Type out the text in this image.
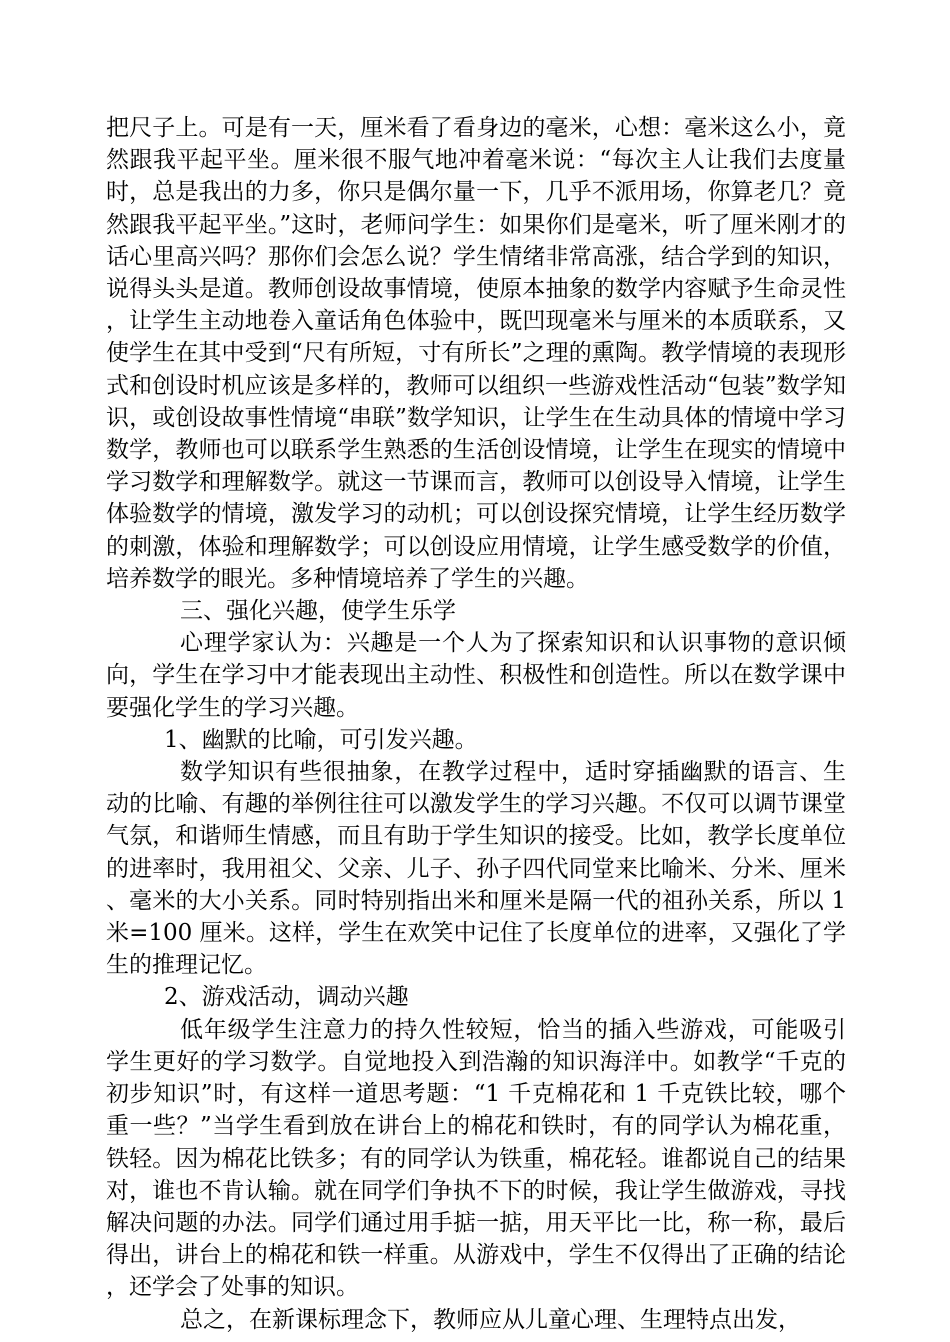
把尺子上。可是有一天，厘米看了看身边的毫米，心想：毫米这么小，竟然跟我平起平坐。厘米很不服气地冲着毫米说：“每次主人让我们去度量时，总是我出的力多，你只是偶尔量一下，几乎不派用场，你算老几？竟然跟我平起平坐。”这时，老师问学生：如果你们是毫米，听了厘米刚才的话心里高兴吗？那你们会怎么说？学生情绪非常高涨，结合学到的知识，说得头头是道。教师创设故事情境，使原本抽象的数学内容赋予生命灵性，让学生主动地卷入童话角色体验中，既凹现毫米与厘米的本质联系，又使学生在其中受到“尺有所短，寸有所长”之理的熏陶。教学情境的表现形式和创设时机应该是多样的，教师可以组织一些游戏性活动“包装”数学知识，或创设故事性情境“串联”数学知识，让学生在生动具体的情境中学习数学，教师也可以联系学生熟悉的生活创设情境，让学生在现实的情境中学习数学和理解数学。就这一节课而言，教师可以创设导入情境，让学生体验数学的情境，激发学习的动机；可以创设探究情境，让学生经历数学的刺激，体验和理解数学；可以创设应用情境，让学生感受数学的价值，培养数学的眼光。多种情境培养了学生的兴趣。

三、强化兴趣，使学生乐学

心理学家认为：兴趣是一个人为了探索知识和认识事物的意识倾向，学生在学习中才能表现出主动性、积极性和创造性。所以在数学课中要强化学生的学习兴趣。

1、幽默的比喻，可引发兴趣。

数学知识有些很抽象，在教学过程中，适时穿插幽默的语言、生动的比喻、有趣的举例往往可以激发学生的学习兴趣。不仅可以调节课堂气氛，和谐师生情感，而且有助于学生知识的接受。比如，教学长度单位的进率时，我用祖父、父亲、儿子、孙子四代同堂来比喻米、分米、厘米、毫米的大小关系。同时特别指出米和厘米是隔一代的祖孙关系，所以 1 米=100 厘米。这样，学生在欢笑中记住了长度单位的进率，又强化了学生的推理记忆。

2、游戏活动，调动兴趣

低年级学生注意力的持久性较短，恰当的插入些游戏，可能吸引学生更好的学习数学。自觉地投入到浩瀚的知识海洋中。如教学“千克的初步知识”时，有这样一道思考题：“1 千克棉花和 1 千克铁比较，哪个重一些？”当学生看到放在讲台上的棉花和铁时，有的同学认为棉花重，铁轻。因为棉花比铁多；有的同学认为铁重，棉花轻。谁都说自己的结果对，谁也不肯认输。就在同学们争执不下的时候，我让学生做游戏，寻找解决问题的办法。同学们通过用手掂一掂，用天平比一比，称一称，最后得出，讲台上的棉花和铁一样重。从游戏中，学生不仅得出了正确的结论，还学会了处事的知识。

总之，在新课标理念下，教师应从儿童心理、生理特点出发，
